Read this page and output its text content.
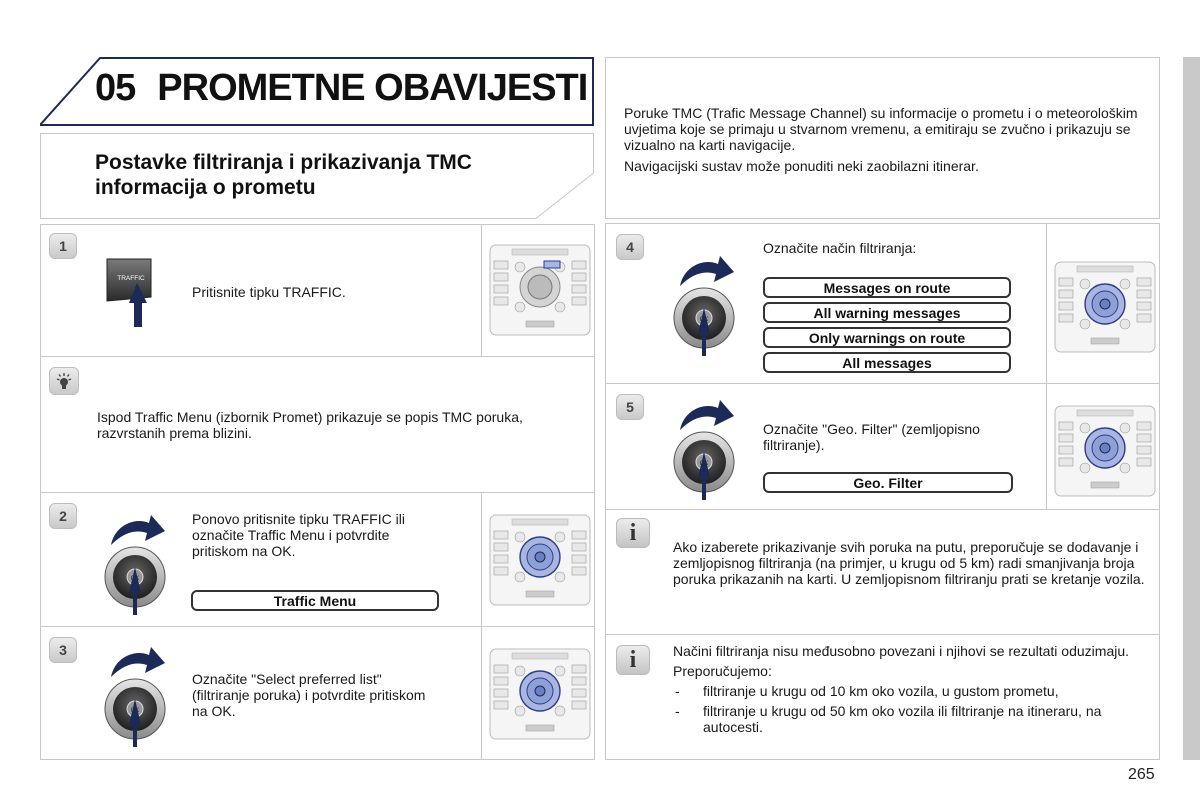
05 PROMETNE OBAVIJESTI
Postavke filtriranja i prikazivanja TMC informacija o prometu
Poruke TMC (Trafic Message Channel) su informacije o prometu i o meteorološkim uvjetima koje se primaju u stvarnom vremenu, a emitiraju se zvučno i prikazuju se vizualno na karti navigacije.
Navigacijski sustav može ponuditi neki zaobilazni itinerar.
1
TRAFFIC
Pritisnite tipku TRAFFIC.
Ispod Traffic Menu (izbornik Promet) prikazuje se popis TMC poruka, razvrstanih prema blizini.
2	Ponovo pritisnite tipku TRAFFIC ili označite Traffic Menu i potvrdite pritiskom na OK.
Traffic Menu
3
Označite "Select preferred list" (filtriranje poruka) i potvrdite pritiskom na OK.
4	Označite način filtriranja:
Messages on route
All warning messages
Only warnings on route
All messages
5
Označite "Geo. Filter" (zemljopisno filtriranje).
Geo. Filter
i
Ako izaberete prikazivanje svih poruka na putu, preporučuje se dodavanje i zemljopisnog filtriranja (na primjer, u krugu od 5 km) radi smanjivanja broja poruka prikazanih na karti. U zemljopisnom filtriranju prati se kretanje vozila.
i	Načini filtriranja nisu međusobno povezani i njihovi se rezultati oduzimaju.
Preporučujemo:
- filtriranje u krugu od 10 km oko vozila, u gustom prometu,
- filtriranje u krugu od 50 km oko vozila ili filtriranje na itineraru, na autocesti.
265
